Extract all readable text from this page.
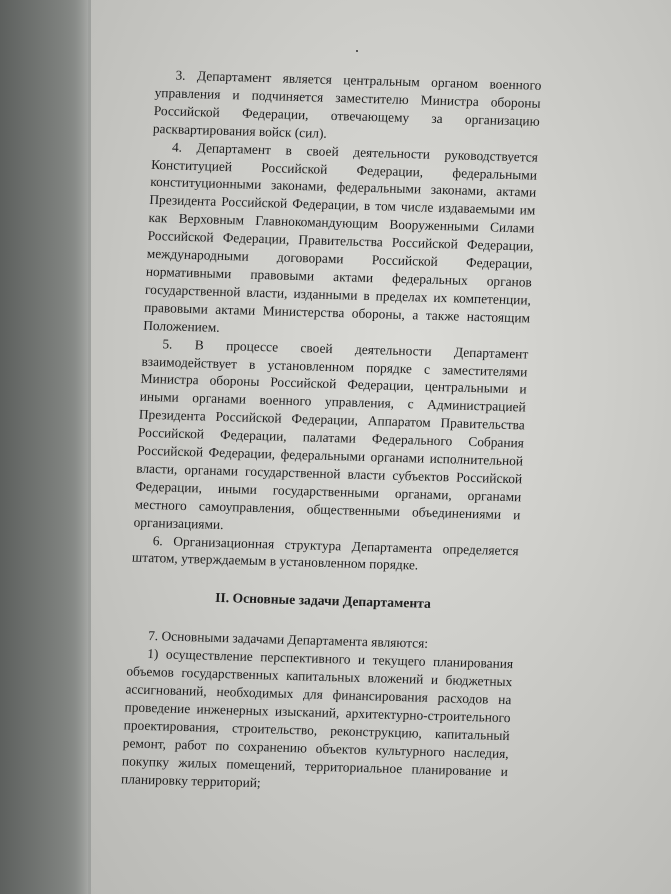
3. Департамент является центральным органом военного управления и подчиняется заместителю Министра обороны Российской Федерации, отвечающему за организацию расквартирования войск (сил).

4. Департамент в своей деятельности руководствуется Конституцией Российской Федерации, федеральными конституционными законами, федеральными законами, актами Президента Российской Федерации, в том числе издаваемыми им как Верховным Главнокомандующим Вооруженными Силами Российской Федерации, Правительства Российской Федерации, международными договорами Российской Федерации, нормативными правовыми актами федеральных органов государственной власти, изданными в пределах их компетенции, правовыми актами Министерства обороны, а также настоящим Положением.

5. В процессе своей деятельности Департамент взаимодействует в установленном порядке с заместителями Министра обороны Российской Федерации, центральными и иными органами военного управления, с Администрацией Президента Российской Федерации, Аппаратом Правительства Российской Федерации, палатами Федерального Собрания Российской Федерации, федеральными органами исполнительной власти, органами государственной власти субъектов Российской Федерации, иными государственными органами, органами местного самоуправления, общественными объединениями и организациями.

6. Организационная структура Департамента определяется штатом, утверждаемым в установленном порядке.

II. Основные задачи Департамента

7. Основными задачами Департамента являются:

1) осуществление перспективного и текущего планирования объемов государственных капитальных вложений и бюджетных ассигнований, необходимых для финансирования расходов на проведение инженерных изысканий, архитектурно-строительного проектирования, строительство, реконструкцию, капитальный ремонт, работ по сохранению объектов культурного наследия, покупку жилых помещений, территориальное планирование и планировку территорий;
